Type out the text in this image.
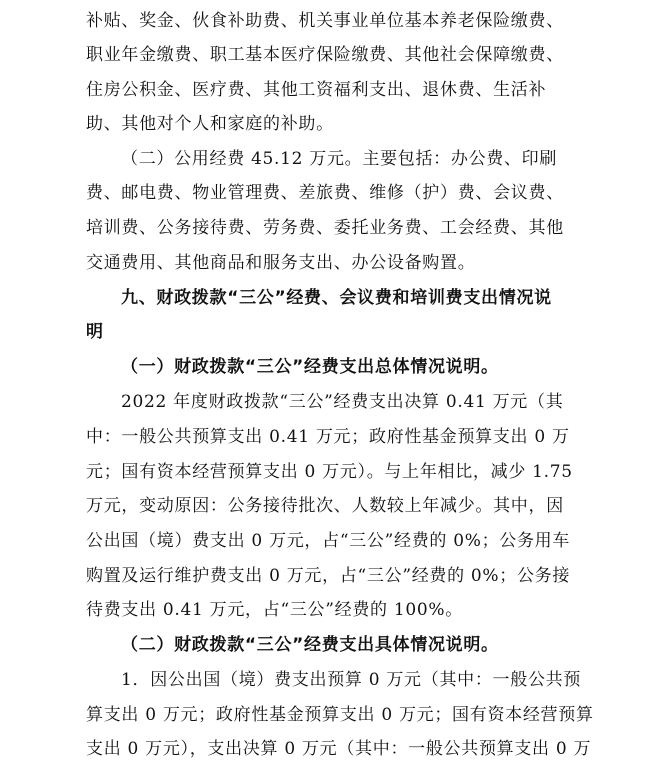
补贴、奖金、伙食补助费、机关事业单位基本养老保险缴费、
职业年金缴费、职工基本医疗保险缴费、其他社会保障缴费、
住房公积金、医疗费、其他工资福利支出、退休费、生活补
助、其他对个人和家庭的补助。
（二）公用经费 45.12 万元。主要包括：办公费、印刷
费、邮电费、物业管理费、差旅费、维修（护）费、会议费、
培训费、公务接待费、劳务费、委托业务费、工会经费、其他
交通费用、其他商品和服务支出、办公设备购置。
九、财政拨款“三公”经费、会议费和培训费支出情况说
明
（一）财政拨款“三公”经费支出总体情况说明。
2022 年度财政拨款“三公”经费支出决算 0.41 万元（其
中：一般公共预算支出 0.41 万元；政府性基金预算支出 0 万
元；国有资本经营预算支出 0 万元）。与上年相比，减少 1.75
万元，变动原因：公务接待批次、人数较上年减少。其中，因
公出国（境）费支出 0 万元，占“三公”经费的 0%；公务用车
购置及运行维护费支出 0 万元，占“三公”经费的 0%；公务接
待费支出 0.41 万元，占“三公”经费的 100%。
（二）财政拨款“三公”经费支出具体情况说明。
1．因公出国（境）费支出预算 0 万元（其中：一般公共预
算支出 0 万元；政府性基金预算支出 0 万元；国有资本经营预算
支出 0 万元），支出决算 0 万元（其中：一般公共预算支出 0 万
